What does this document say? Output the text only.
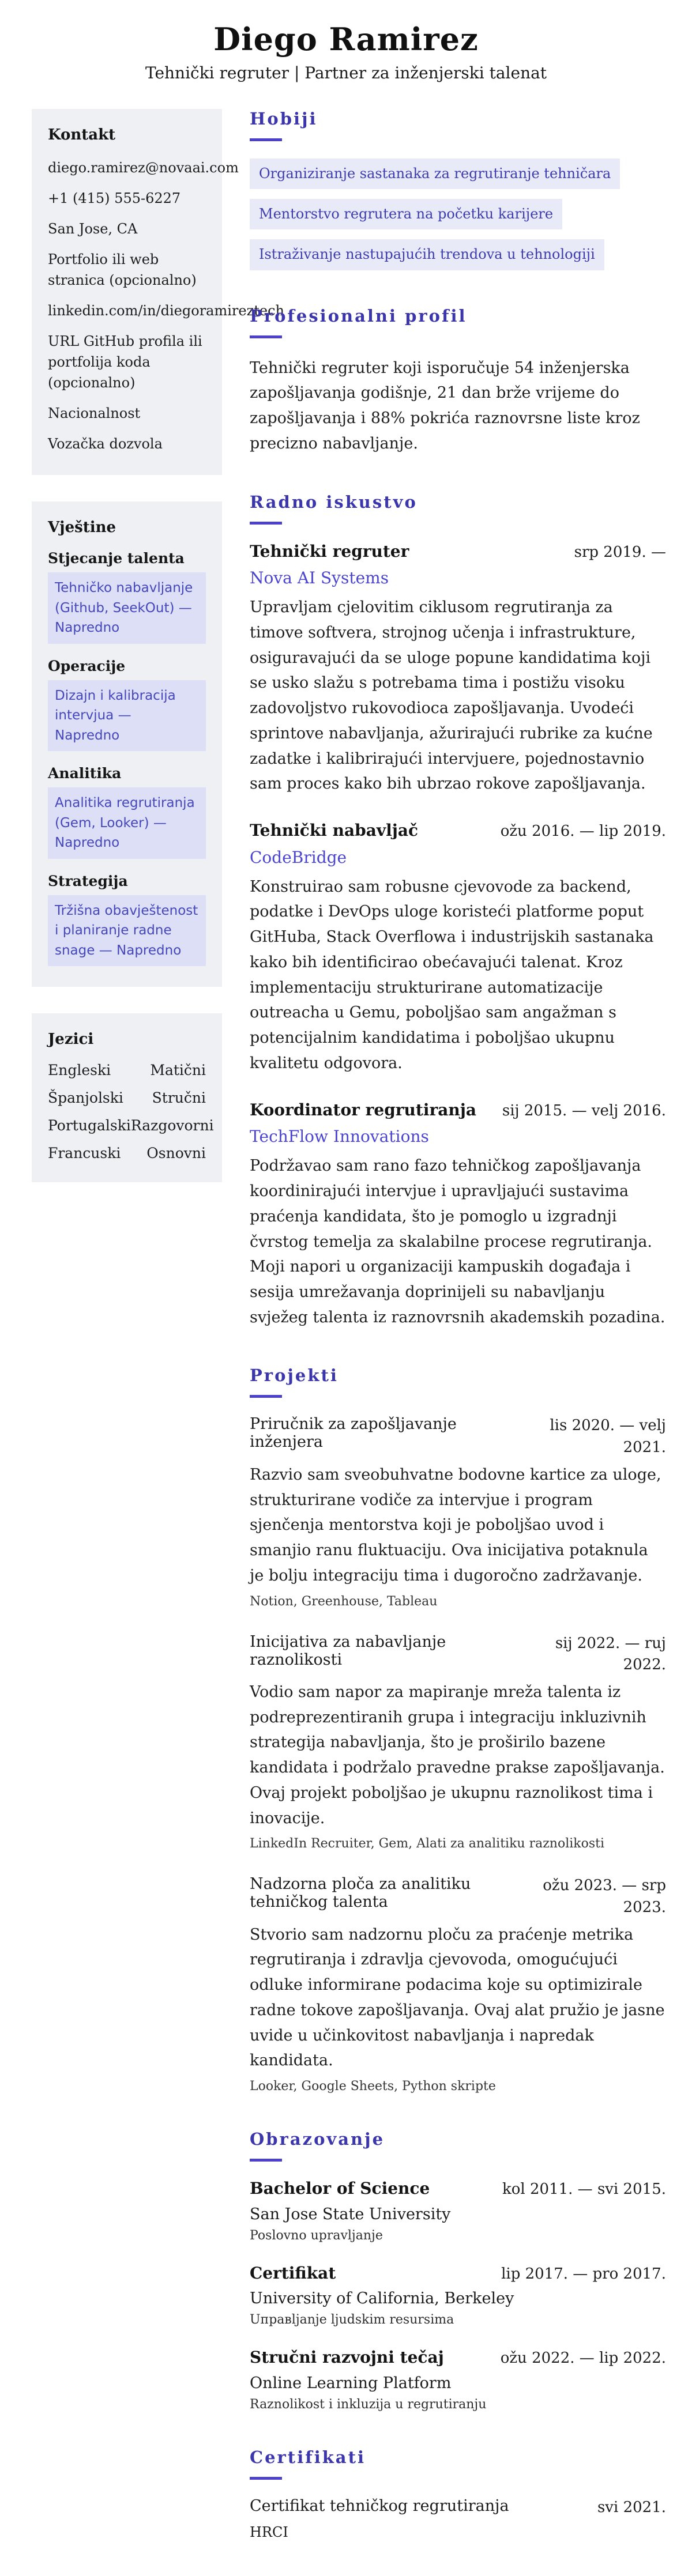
Diego Ramirez
Tehnički regruter | Partner za inženjerski talenat
Kontakt
diego.ramirez@novaai.com
+1 (415) 555-6227
San Jose, CA
Portfolio ili web stranica (opcionalno)
linkedin.com/in/diegoramireztech
URL GitHub profila ili portfolija koda (opcionalno)
Nacionalnost
Vozačka dozvola
Vještine
Stjecanje talenta
Tehničko nabavljanje (Github, SeekOut) — Napredno
Operacije
Dizajn i kalibracija intervjua — Napredno
Analitika
Analitika regrutiranja (Gem, Looker) — Napredno
Strategija
Tržišna obavještenost i planiranje radne snage — Napredno
Jezici
Engleski	Matični
Španjolski Stručni
Portugalski Razgovorni
Francuski Osnovni
Hobiji
Organiziranje sastanaka za regrutiranje tehničara
Mentorstvo regrutera na početku karijere
Istraživanje nastupajućih trendova u tehnologiji
Profesionalni profil
Tehnički regruter koji isporučuje 54 inženjerska zapošljavanja godišnje, 21 dan brže vrijeme do zapošljavanja i 88% pokrića raznovrsne liste kroz precizno nabavljanje.
Radno iskustvo
Tehnički regruter	srp 2019. —
Nova AI Systems
Upravljam cjelovitim ciklusom regrutiranja za timove softvera, strojnog učenja i infrastrukture, osiguravajući da se uloge popune kandidatima koji se usko slažu s potrebama tima i postižu visoku zadovoljstvo rukovodioca zapošljavanja. Uvodeći sprintove nabavljanja, ažurirajući rubrike za kućne zadatke i kalibrirajući intervjuere, pojednostavnio sam proces kako bih ubrzao rokove zapošljavanja.
Tehnički nabavljač	ožu 2016. — lip 2019.
CodeBridge
Konstruirao sam robusne cjevovode za backend, podatke i DevOps uloge koristeći platforme poput GitHuba, Stack Overflowa i industrijskih sastanaka kako bih identificirao obećavajući talenat. Kroz implementaciju strukturirane automatizacije outreacha u Gemu, poboljšao sam angažman s potencijalnim kandidatima i poboljšao ukupnu kvalitetu odgovora.
Koordinator regrutiranja sij 2015. — velj 2016.
TechFlow Innovations
Podržavao sam rano fazo tehničkog zapošljavanja koordinirajući intervjue i upravljajući sustavima praćenja kandidata, što je pomoglo u izgradnji čvrstog temelja za skalabilne procese regrutiranja. Moji napori u organizaciji kampuskih događaja i sesija umrežavanja doprinijeli su nabavljanju svježeg talenta iz raznovrsnih akademskih pozadina.
Projekti
Priručnik za zapošljavanje inženjera
lis 2020. — velj 2021.
Razvio sam sveobuhvatne bodovne kartice za uloge, strukturirane vodiče za intervjue i program sjenčenja mentorstva koji je poboljšao uvod i smanjio ranu fluktuaciju. Ova inicijativa potaknula je bolju integraciju tima i dugoročno zadržavanje.
Notion, Greenhouse, Tableau
Inicijativa za nabavljanje raznolikosti
sij 2022. — ruj 2022.
Vodio sam napor za mapiranje mreža talenta iz podreprezentiranih grupa i integraciju inkluzivnih strategija nabavljanja, što je proširilo bazene kandidata i podržalo pravedne prakse zapošljavanja. Ovaj projekt poboljšao je ukupnu raznolikost tima i inovacije.
LinkedIn Recruiter, Gem, Alati za analitiku raznolikosti
Nadzorna ploča za analitiku tehničkog talenta
ožu 2023. — srp 2023.
Stvorio sam nadzornu ploču za praćenje metrika regrutiranja i zdravlja cjevovoda, omogućujući odluke informirane podacima koje su optimizirale radne tokove zapošljavanja. Ovaj alat pružio je jasne uvide u učinkovitost nabavljanja i napredak kandidata.
Looker, Google Sheets, Python skripte
Obrazovanje
Bachelor of Science	kol 2011. — svi 2015.
San Jose State University
Poslovno upravljanje
Certifikat	lip 2017. — pro 2017.
University of California, Berkeley
Uправljanje ljudskim resursima
Stručni razvojni tečaj	ožu 2022. — lip 2022.
Online Learning Platform
Raznolikost i inkluzija u regrutiranju
Certifikati
Certifikat tehničkog regrutiranja	svi 2021.
HRCI
